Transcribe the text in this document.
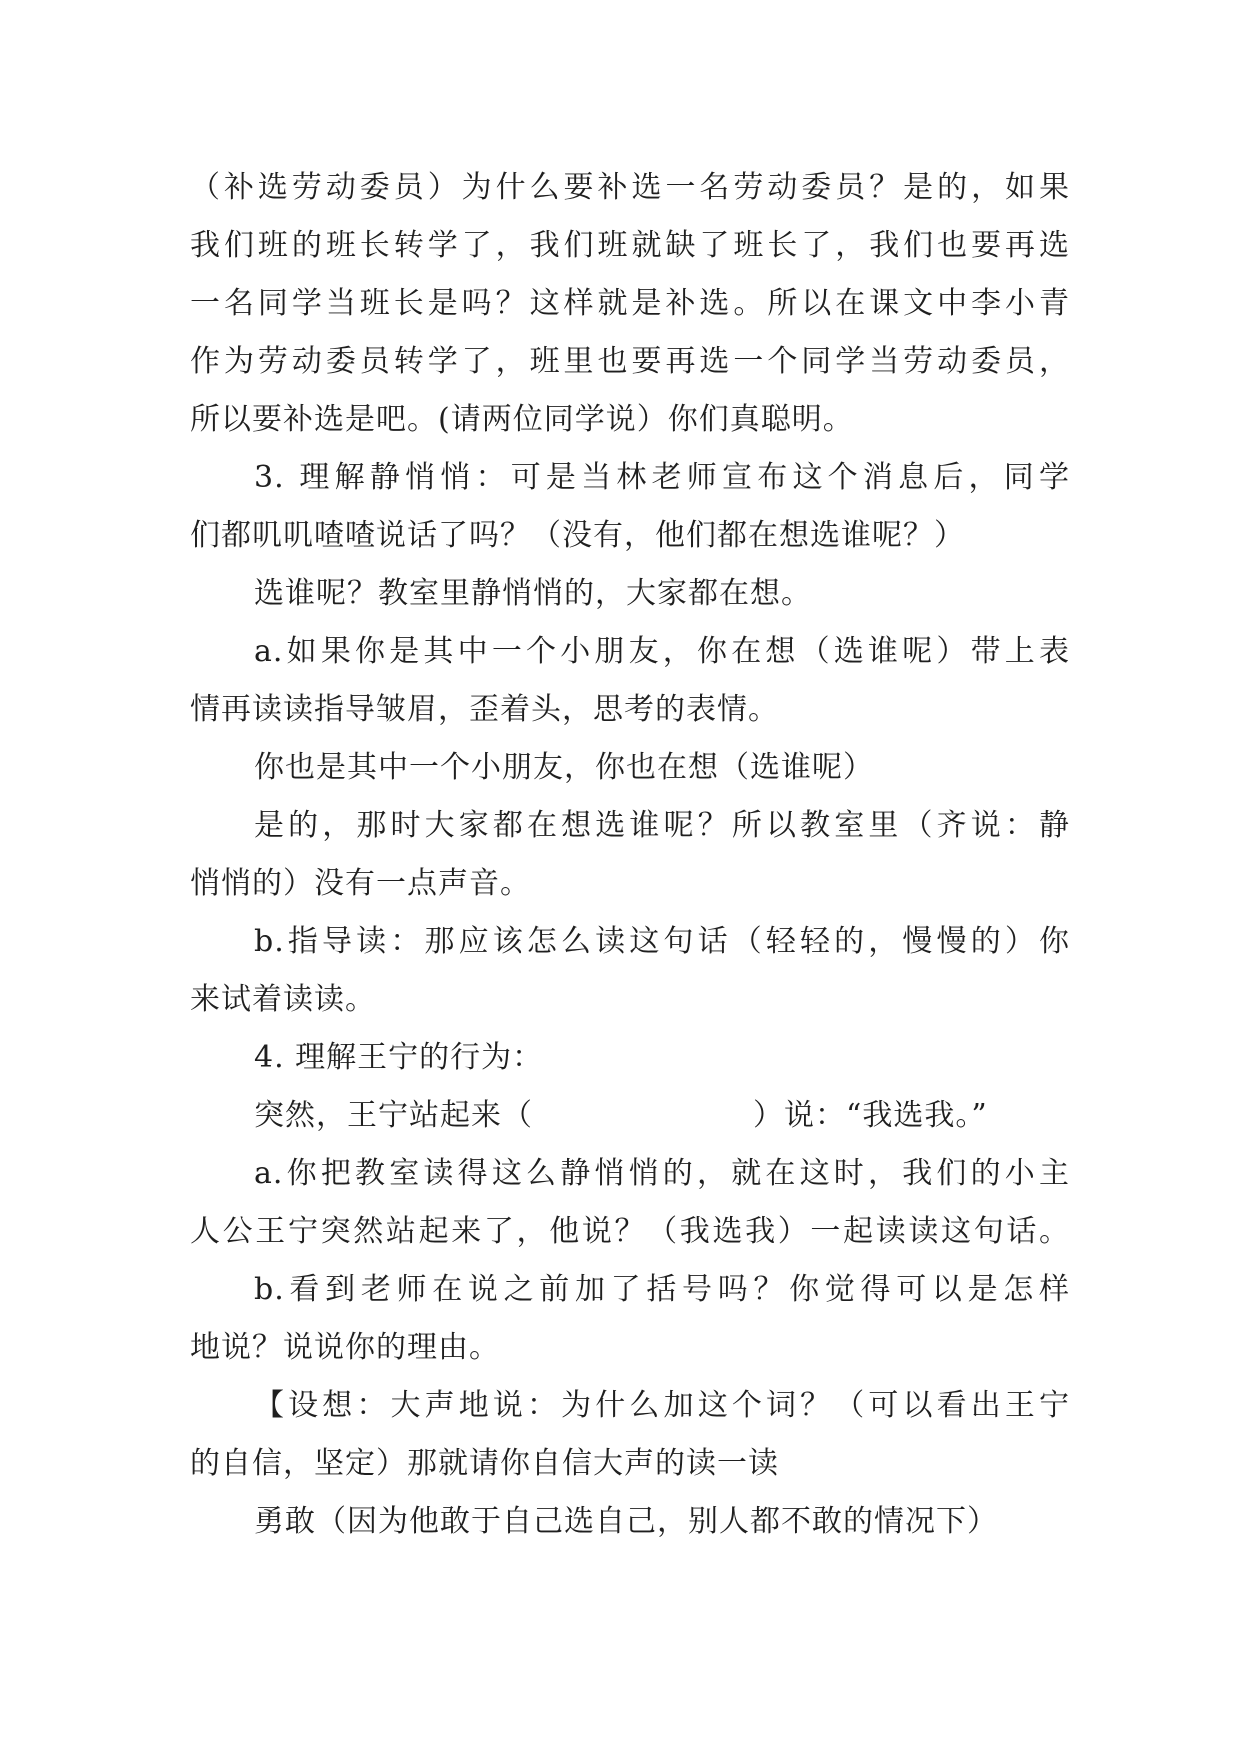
（补选劳动委员）为什么要补选一名劳动委员？是的，如果
我们班的班长转学了，我们班就缺了班长了，我们也要再选
一名同学当班长是吗？这样就是补选。所以在课文中李小青
作为劳动委员转学了，班里也要再选一个同学当劳动委员，
所以要补选是吧。(请两位同学说）你们真聪明。
3. 理解静悄悄：可是当林老师宣布这个消息后，同学
们都叽叽喳喳说话了吗？（没有，他们都在想选谁呢？）
选谁呢？教室里静悄悄的，大家都在想。
a.如果你是其中一个小朋友，你在想（选谁呢）带上表
情再读读指导皱眉，歪着头，思考的表情。
你也是其中一个小朋友，你也在想（选谁呢）
是的，那时大家都在想选谁呢？所以教室里（齐说：静
悄悄的）没有一点声音。
b.指导读：那应该怎么读这句话（轻轻的，慢慢的）你
来试着读读。
4. 理解王宁的行为：
突然，王宁站起来（	）说：“我选我。”
a.你把教室读得这么静悄悄的，就在这时，我们的小主
人公王宁突然站起来了，他说？（我选我）一起读读这句话。
b.看到老师在说之前加了括号吗？你觉得可以是怎样
地说？说说你的理由。
【设想：大声地说：为什么加这个词？（可以看出王宁
的自信，坚定）那就请你自信大声的读一读
勇敢（因为他敢于自己选自己，别人都不敢的情况下）
